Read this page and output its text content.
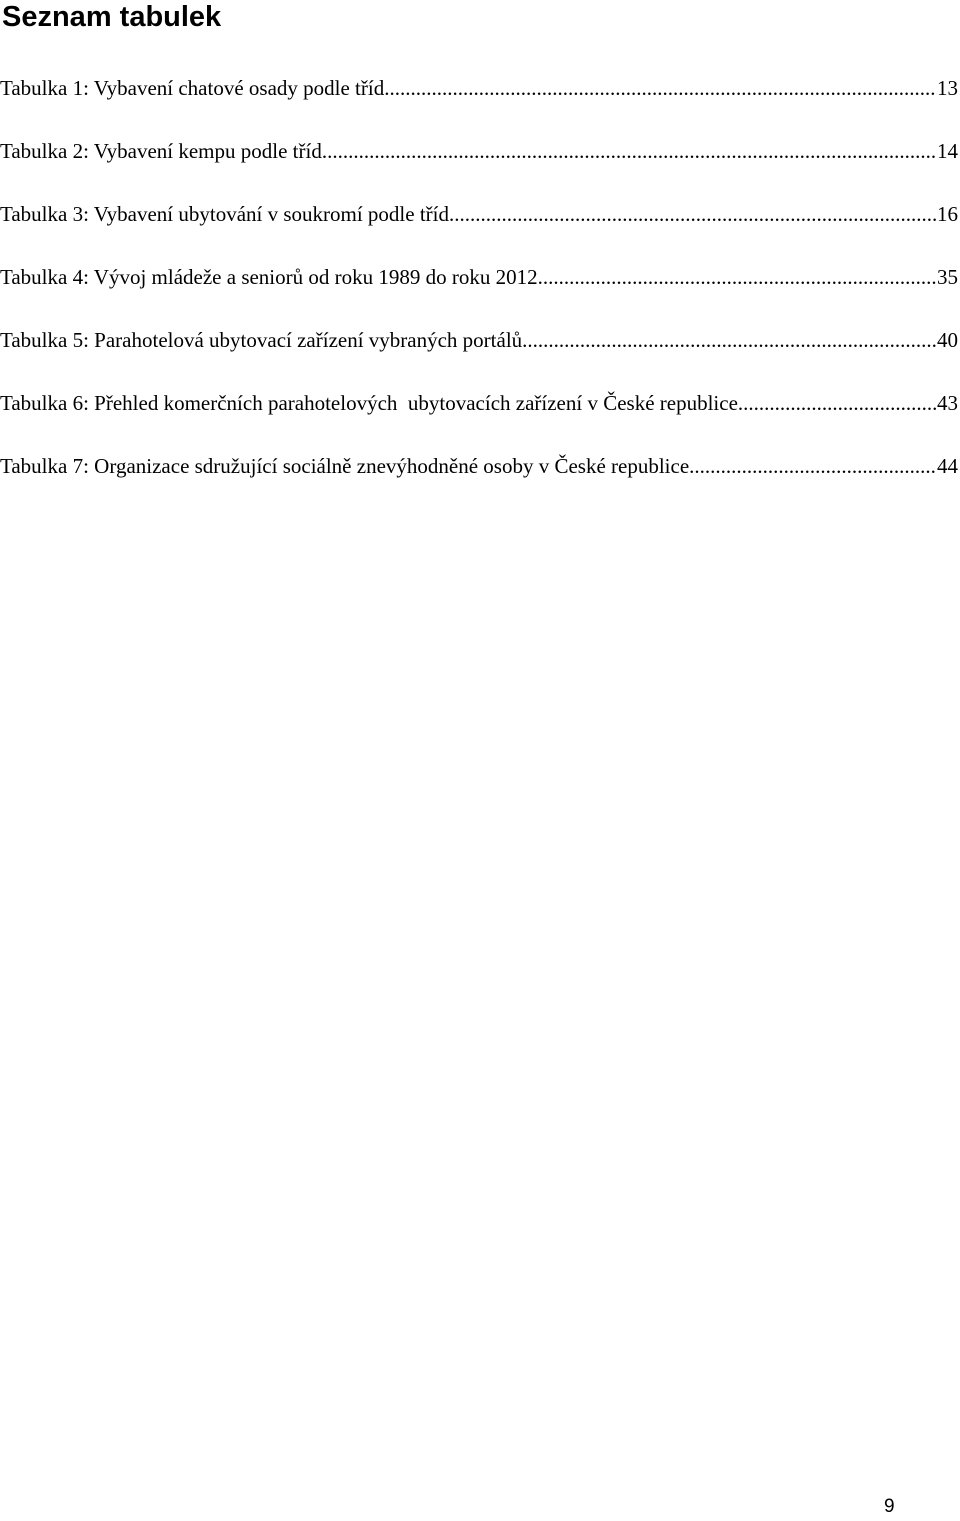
Seznam tabulek
Tabulka 1: Vybavení chatové osady podle tříd .....	13
Tabulka 2: Vybavení kempu podle tříd .....	14
Tabulka 3: Vybavení ubytování v soukromí podle tříd .....	16
Tabulka 4: Vývoj mládeže a seniorů od roku 1989 do roku 2012 .....	35
Tabulka 5: Parahotelová ubytovací zařízení vybraných portálů .....	40
Tabulka 6: Přehled komerčních parahotelových  ubytovacích zařízení v České republice .....	43
Tabulka 7: Organizace sdružující sociálně znevýhodněné osoby v České republice .....	44
9
